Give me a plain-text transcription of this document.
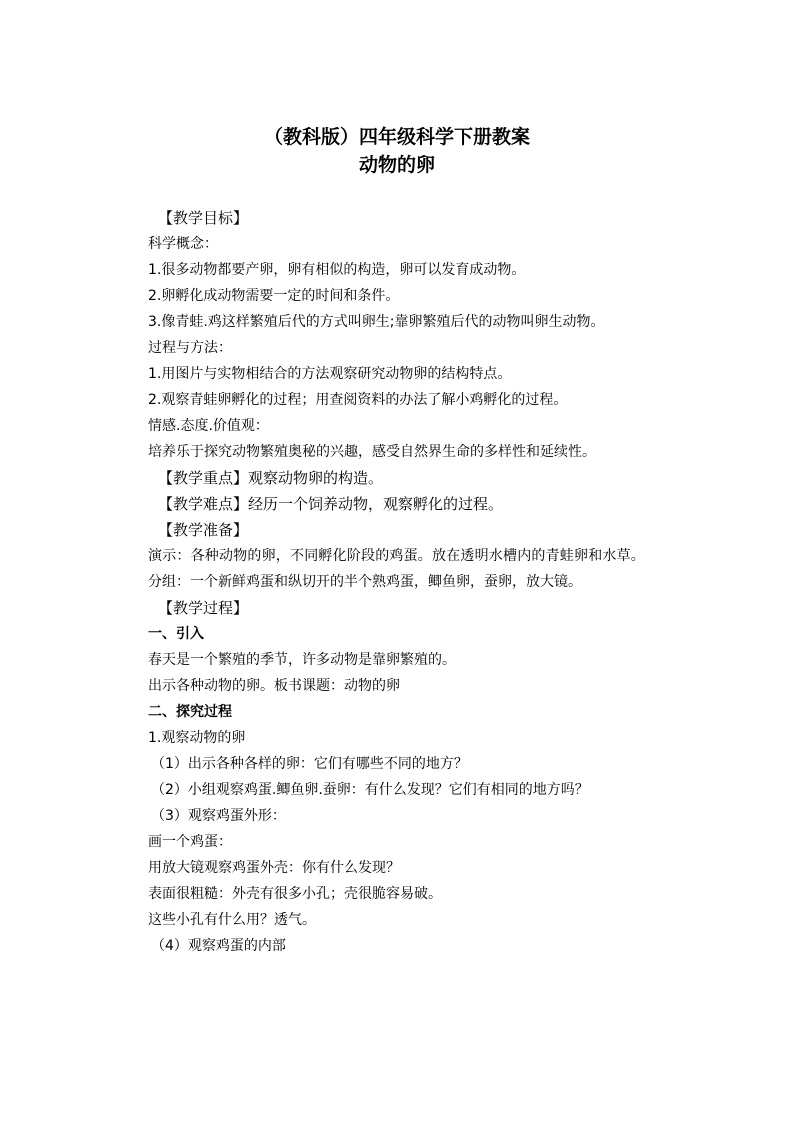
（教科版）四年级科学下册教案
动物的卵
【教学目标】
科学概念：
1.很多动物都要产卵，卵有相似的构造，卵可以发育成动物。
2.卵孵化成动物需要一定的时间和条件。
3.像青蛙.鸡这样繁殖后代的方式叫卵生;靠卵繁殖后代的动物叫卵生动物。
过程与方法：
1.用图片与实物相结合的方法观察研究动物卵的结构特点。
2.观察青蛙卵孵化的过程；用查阅资料的办法了解小鸡孵化的过程。
情感.态度.价值观：
培养乐于探究动物繁殖奥秘的兴趣，感受自然界生命的多样性和延续性。
【教学重点】观察动物卵的构造。
【教学难点】经历一个饲养动物，观察孵化的过程。
【教学准备】
演示：各种动物的卵，不同孵化阶段的鸡蛋。放在透明水槽内的青蛙卵和水草。
分组：一个新鲜鸡蛋和纵切开的半个熟鸡蛋，鲫鱼卵，蚕卵，放大镜。
【教学过程】
一、引入
春天是一个繁殖的季节，许多动物是靠卵繁殖的。
出示各种动物的卵。板书课题：动物的卵
二、探究过程
1.观察动物的卵
（1）出示各种各样的卵：它们有哪些不同的地方？
（2）小组观察鸡蛋.鲫鱼卵.蚕卵：有什么发现？它们有相同的地方吗？
（3）观察鸡蛋外形：
画一个鸡蛋：
用放大镜观察鸡蛋外壳：你有什么发现？
表面很粗糙：外壳有很多小孔；壳很脆容易破。
这些小孔有什么用？透气。
（4）观察鸡蛋的内部
